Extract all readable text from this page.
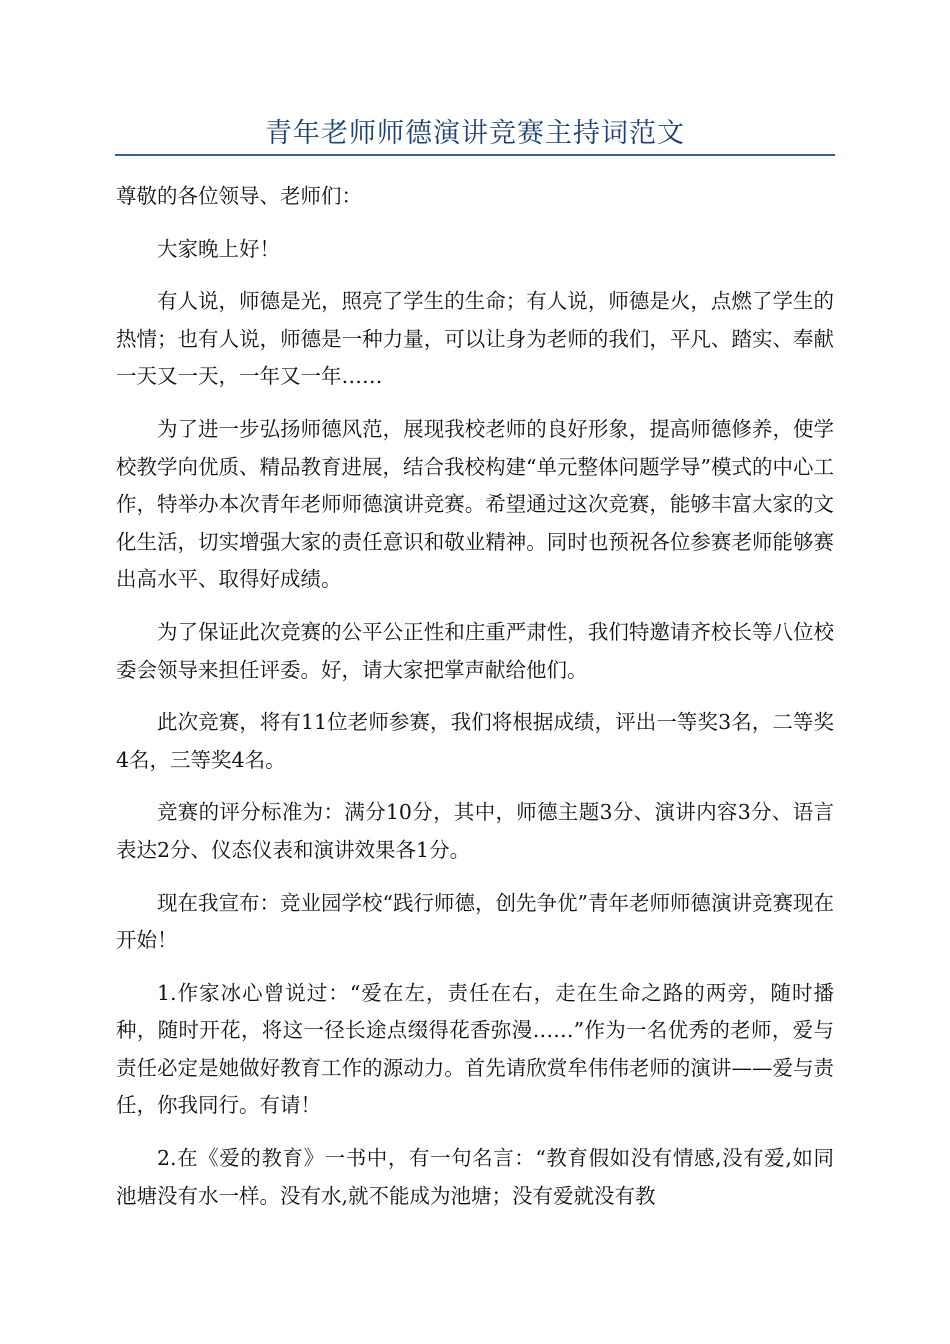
青年老师师德演讲竞赛主持词范文

尊敬的各位领导、老师们：

大家晚上好！

有人说，师德是光，照亮了学生的生命；有人说，师德是火，点燃了学生的热情；也有人说，师德是一种力量，可以让身为老师的我们，平凡、踏实、奉献一天又一天，一年又一年……

为了进一步弘扬师德风范，展现我校老师的良好形象，提高师德修养，使学校教学向优质、精品教育进展，结合我校构建“单元整体问题学导”模式的中心工作，特举办本次青年老师师德演讲竞赛。希望通过这次竞赛，能够丰富大家的文化生活，切实增强大家的责任意识和敬业精神。同时也预祝各位参赛老师能够赛出高水平、取得好成绩。

为了保证此次竞赛的公平公正性和庄重严肃性，我们特邀请齐校长等八位校委会领导来担任评委。好，请大家把掌声献给他们。

此次竞赛，将有11位老师参赛，我们将根据成绩，评出一等奖3名，二等奖4名，三等奖4名。

竞赛的评分标准为：满分10分，其中，师德主题3分、演讲内容3分、语言表达2分、仪态仪表和演讲效果各1分。

现在我宣布：竞业园学校“践行师德，创先争优”青年老师师德演讲竞赛现在开始！

1.作家冰心曾说过：“爱在左，责任在右，走在生命之路的两旁，随时播种，随时开花，将这一径长途点缀得花香弥漫……”作为一名优秀的老师，爱与责任必定是她做好教育工作的源动力。首先请欣赏牟伟伟老师的演讲——爱与责任，你我同行。有请！

2.在《爱的教育》一书中，有一句名言：“教育假如没有情感,没有爱,如同池塘没有水一样。没有水,就不能成为池塘；没有爱就没有教
